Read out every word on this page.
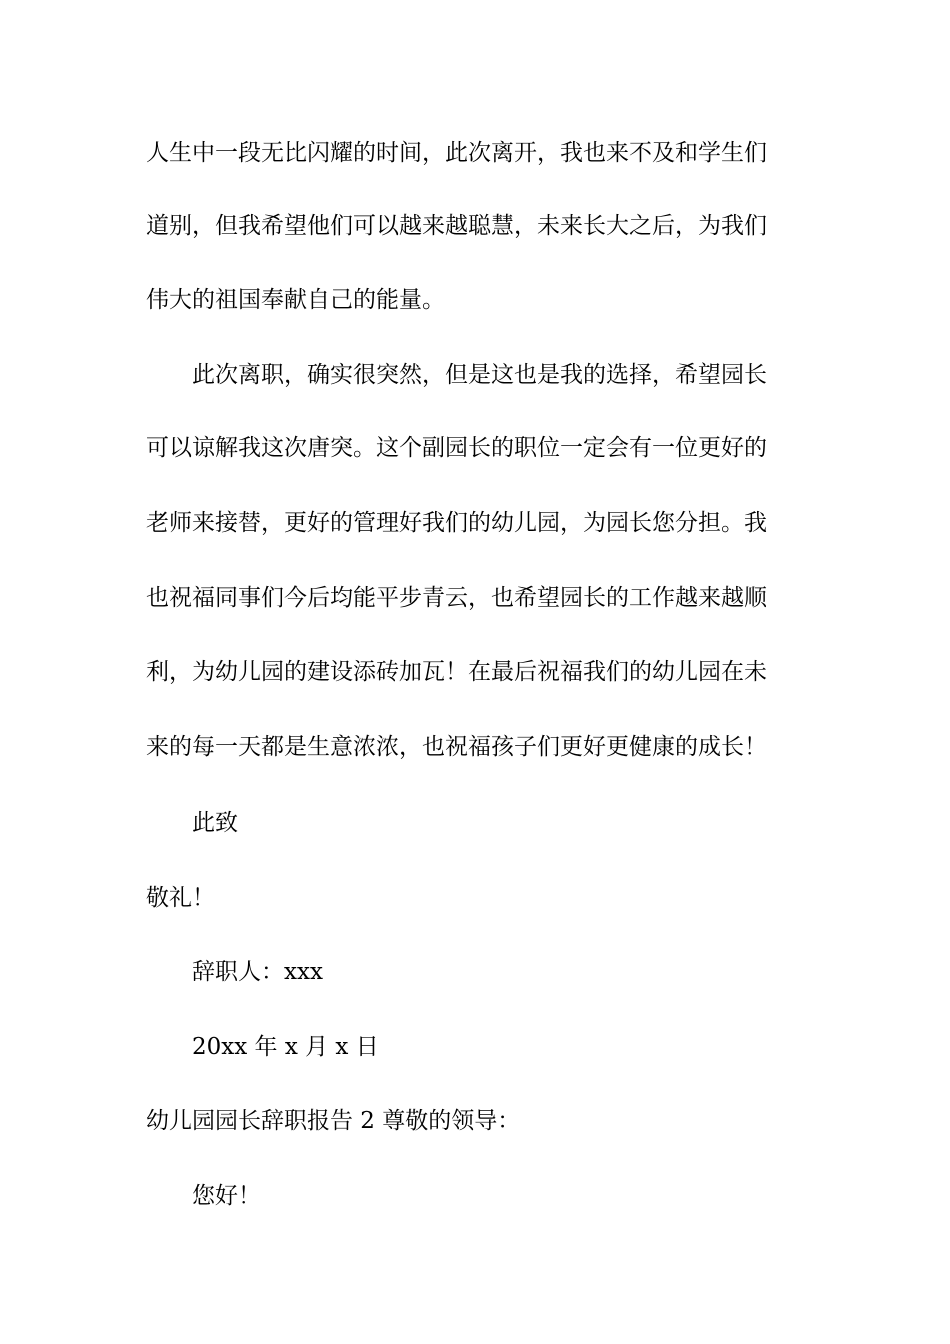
人生中一段无比闪耀的时间，此次离开，我也来不及和学生们
道别，但我希望他们可以越来越聪慧，未来长大之后，为我们
伟大的祖国奉献自己的能量。
此次离职，确实很突然，但是这也是我的选择，希望园长
可以谅解我这次唐突。这个副园长的职位一定会有一位更好的
老师来接替，更好的管理好我们的幼儿园，为园长您分担。我
也祝福同事们今后均能平步青云，也希望园长的工作越来越顺
利，为幼儿园的建设添砖加瓦！在最后祝福我们的幼儿园在未
来的每一天都是生意浓浓，也祝福孩子们更好更健康的成长！
此致
敬礼！
辞职人：xxx
20xx 年 x 月 x 日
幼儿园园长辞职报告 2 尊敬的领导：
您好！
